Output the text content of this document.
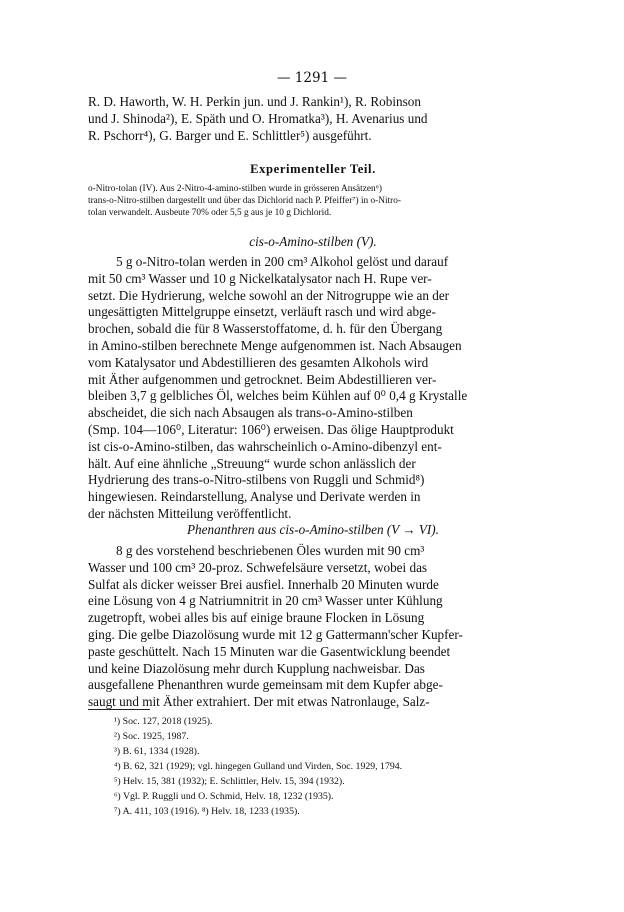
— 1291 —
R. D. Haworth, W. H. Perkin jun. und J. Rankin¹), R. Robinson
und J. Shinoda²), E. Späth und O. Hromatka³), H. Avenarius und
R. Pschorr⁴), G. Barger und E. Schlittler⁵) ausgeführt.
Experimenteller Teil.
o-Nitro-tolan (IV). Aus 2-Nitro-4-amino-stilben wurde in grösseren Ansätzen⁶)
trans-o-Nitro-stilben dargestellt und über das Dichlorid nach P. Pfeiffer⁷) in o-Nitro-
tolan verwandelt. Ausbeute 70% oder 5,5 g aus je 10 g Dichlorid.
cis-o-Amino-stilben (V).
5 g o-Nitro-tolan werden in 200 cm³ Alkohol gelöst und darauf
mit 50 cm³ Wasser und 10 g Nickelkatalysator nach H. Rupe ver-
setzt. Die Hydrierung, welche sowohl an der Nitrogruppe wie an der
ungesättigten Mittelgruppe einsetzt, verläuft rasch und wird abge-
brochen, sobald die für 8 Wasserstoffatome, d. h. für den Übergang
in Amino-stilben berechnete Menge aufgenommen ist. Nach Absaugen
vom Katalysator und Abdestillieren des gesamten Alkohols wird
mit Äther aufgenommen und getrocknet. Beim Abdestillieren ver-
bleiben 3,7 g gelbliches Öl, welches beim Kühlen auf 0⁰ 0,4 g Krystalle
abscheidet, die sich nach Absaugen als trans-o-Amino-stilben
(Smp. 104—106⁰, Literatur: 106⁰) erweisen. Das ölige Hauptprodukt
ist cis-o-Amino-stilben, das wahrscheinlich o-Amino-dibenzyl ent-
hält. Auf eine ähnliche „Streuung“ wurde schon anlässlich der
Hydrierung des trans-o-Nitro-stilbens von Ruggli und Schmid⁸)
hingewiesen. Reindarstellung, Analyse und Derivate werden in
der nächsten Mitteilung veröffentlicht.
Phenanthren aus cis-o-Amino-stilben (V → VI).
8 g des vorstehend beschriebenen Öles wurden mit 90 cm³
Wasser und 100 cm³ 20-proz. Schwefelsäure versetzt, wobei das
Sulfat als dicker weisser Brei ausfiel. Innerhalb 20 Minuten wurde
eine Lösung von 4 g Natriumnitrit in 20 cm³ Wasser unter Kühlung
zugetropft, wobei alles bis auf einige braune Flocken in Lösung
ging. Die gelbe Diazolösung wurde mit 12 g Gattermann'scher Kupfer-
paste geschüttelt. Nach 15 Minuten war die Gasentwicklung beendet
und keine Diazolösung mehr durch Kupplung nachweisbar. Das
ausgefallene Phenanthren wurde gemeinsam mit dem Kupfer abge-
saugt und mit Äther extrahiert. Der mit etwas Natronlauge, Salz-
¹) Soc. 127, 2018 (1925).
²) Soc. 1925, 1987.
³) B. 61, 1334 (1928).
⁴) B. 62, 321 (1929); vgl. hingegen Gulland und Virden, Soc. 1929, 1794.
⁵) Helv. 15, 381 (1932); E. Schlittler, Helv. 15, 394 (1932).
⁶) Vgl. P. Ruggli und O. Schmid, Helv. 18, 1232 (1935).
⁷) A. 411, 103 (1916). ⁸) Helv. 18, 1233 (1935).
